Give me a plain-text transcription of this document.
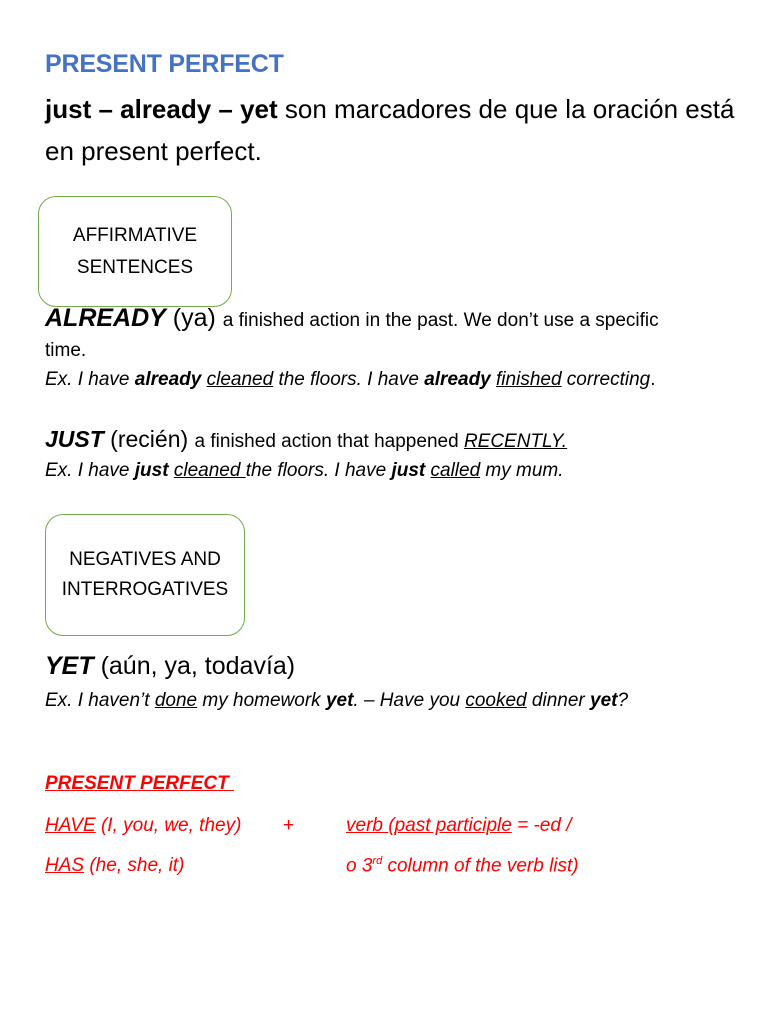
PRESENT PERFECT
just – already – yet son marcadores de que la oración está en present perfect.
AFFIRMATIVE
SENTENCES
ALREADY (ya) a finished action in the past. We don’t use a specific
time.
Ex. I have already cleaned the floors. I have already finished correcting.
JUST (recién) a finished action that happened RECENTLY.
Ex. I have just cleaned the floors. I have just called my mum.
NEGATIVES AND
INTERROGATIVES
YET (aún, ya, todavía)
Ex. I haven’t done my homework yet. – Have you cooked dinner yet?
PRESENT PERFECT
HAVE (I, you, we, they) +	verb (past participle = -ed /
HAS (he, she, it)	o 3rd column of the verb list)
